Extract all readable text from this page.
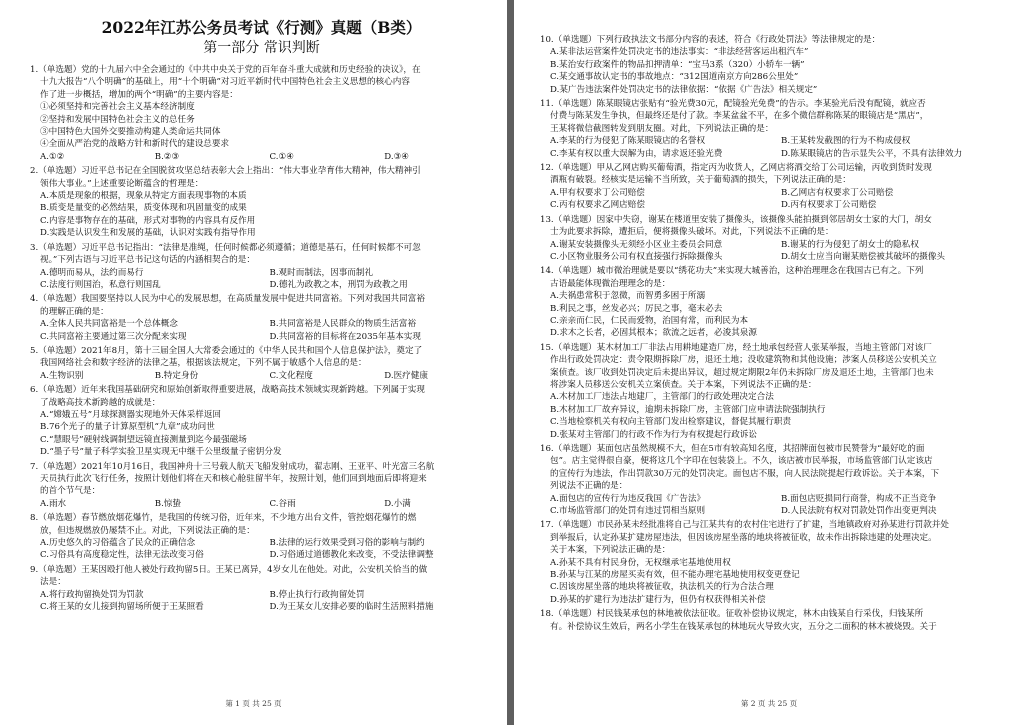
2022年江苏公务员考试《行测》真题（B类）
第一部分 常识判断
1.（单选题）党的十九届六中全会通过的《中共中央关于党的百年奋斗重大成就和历史经验的决议》，在
十九大报告“八个明确”的基础上，用“十个明确”对习近平新时代中国特色社会主义思想的核心内容
作了进一步概括，增加的两个“明确”的主要内容是：
①必须坚持和完善社会主义基本经济制度
②坚持和发展中国特色社会主义的总任务
③中国特色大国外交要推动构建人类命运共同体
④全面从严治党的战略方针和新时代的建设总要求
A.①②	B.②③	C.①④	D.③④
2.（单选题）习近平总书记在全国脱贫攻坚总结表彰大会上指出：“伟大事业孕育伟大精神，伟大精神引
领伟大事业。”上述重要论断蕴含的哲理是：
A.本质是现象的根据，现象从特定方面表现事物的本质
B.质变是量变的必然结果，质变体现和巩固量变的成果
C.内容是事物存在的基础，形式对事物的内容具有反作用
D.实践是认识发生和发展的基础，认识对实践有指导作用
3.（单选题）习近平总书记指出：“法律是准绳，任何时候都必须遵循；道德是基石，任何时候都不可忽
视。”下列古语与习近平总书记这句话的内涵相契合的是：
A.德明而易从，法约而易行	B.观时而制法，因事而制礼
C.法度行则国治，私意行则国乱	D.德礼为政教之本，刑罚为政教之用
4.（单选题）我国要坚持以人民为中心的发展思想，在高质量发展中促进共同富裕。下列对我国共同富裕
的理解正确的是：
A.全体人民共同富裕是一个总体概念	B.共同富裕是人民群众的物质生活富裕
C.共同富裕主要通过第三次分配来实现	D.共同富裕的目标将在2035年基本实现
5.（单选题）2021年8月，第十三届全国人大常委会通过的《中华人民共和国个人信息保护法》，奠定了
我国网络社会和数字经济的法律之基，根据该法规定，下列不属于敏感个人信息的是：
A.生物识别	B.特定身份	C.文化程度	D.医疗健康
6.（单选题）近年来我国基础研究和原始创新取得重要进展，战略高技术领域实现新跨越。下列属于实现
了战略高技术新跨越的成就是：
A.“嫦娥五号”月球探测器实现地外天体采样返回
B.76个光子的量子计算原型机“九章”成功问世
C.“慧眼号”硬射线调制望远镜直接测量到迄今最强磁场
D.“墨子号”量子科学实验卫星实现无中继千公里级量子密钥分发
7.（单选题）2021年10月16日，我国神舟十三号载人航天飞船发射成功，翟志刚、王亚平、叶光富三名航
天员执行此次飞行任务，按照计划他们将在天和核心舱驻留半年，按照计划，他们回到地面后即将迎来
的首个节气是：
A.雨水	B.惊蛰	C.谷雨	D.小满
8.（单选题）春节燃放烟花爆竹，是我国的传统习俗，近年来，不少地方出台文件，管控烟花爆竹的燃
放，但违规燃放仍屡禁不止。对此，下列说法正确的是：
A.历史悠久的习俗蕴含了民众的正确信念	B.法律的运行效果受到习俗的影响与制约
C.习俗具有高度稳定性，法律无法改变习俗	D.习俗通过道德教化来改变，不受法律调整
9.（单选题）王某因殴打他人被处行政拘留5日。王某已离异，4岁女儿在他处。对此，公安机关恰当的做
法是：
A.将行政拘留换处罚为罚款	B.停止执行行政拘留处罚
C.将王某的女儿接到拘留场所便于王某照看	D.为王某女儿安排必要的临时生活照料措施
第 1 页 共 25 页
10.（单选题）下列行政执法文书部分内容的表述，符合《行政处罚法》等法律规定的是：
A.某非法运营案件处罚决定书的违法事实：“非法经营客运出租汽车”
B.某治安行政案件的物品扣押清单：“宝马3系（320）小轿车一辆”
C.某交通事故认定书的事故地点：“312国道南京方向286公里处”
D.某广告违法案件处罚决定书的法律依据：“依据《广告法》相关规定”
11.（单选题）陈某眼镜店张贴有“验光费30元，配镜验光免费”的告示。李某验光后没有配镜，就应否
付费与陈某发生争执，但最终还是付了款。李某盆盆不平，在多个微信群称陈某的眼镜店是“黑店”，
王某将微信截图转发到朋友圈。对此，下列说法正确的是：
A.李某的行为侵犯了陈某眼镜店的名誉权	B.王某转发截图的行为不构成侵权
C.李某有权以重大误解为由，请求返还验光费	D.陈某眼镜店的告示显失公平，不具有法律效力
12.（单选题）甲从乙网店购买葡萄酒，指定丙为收货人，乙网店将酒交给丁公司运输，丙收到货时发现
酒瓶有破裂。经核实是运输不当所致，关于葡萄酒的损失，下列说法正确的是：
A.甲有权要求丁公司赔偿	B.乙网店有权要求丁公司赔偿
C.丙有权要求乙网店赔偿	D.丙有权要求丁公司赔偿
13.（单选题）因家中失窃，谢某在楼道里安装了摄像头，该摄像头能拍摄到邻居胡女士家的大门，胡女
士为此要求拆除，遭拒后，便将摄像头破坏。对此，下列说法不正确的是：
A.谢某安装摄像头无须经小区业主委员会同意	B.谢某的行为侵犯了胡女士的隐私权
C.小区物业服务公司有权直接强行拆除摄像头	D.胡女士应当向谢某赔偿被其破坏的摄像头
14.（单选题）城市微治理就是要以“绣花功夫”来实现大城善治，这种治理理念在我国古已有之。下列
古语最能体现微治理理念的是：
A.夫祸患常积于忽微，而智勇多困于所溺
B.利民之事，丝发必兴；厉民之事，毫末必去
C.亲亲而仁民，仁民而爱物，治国有常，而利民为本
D.求木之长者，必固其根本；欲流之远者，必浚其泉源
15.（单选题）某木材加工厂非法占用耕地建造厂房，经土地承包经营人张某举报，当地主管部门对该厂
作出行政处罚决定：责令限期拆除厂房，退还土地；没收建筑物和其他设施；涉案人员移送公安机关立
案侦查。该厂收到处罚决定后未提出异议，超过规定期限2年仍未拆除厂房及退还土地，主管部门也未
将涉案人员移送公安机关立案侦查。关于本案，下列说法不正确的是：
A.木材加工厂违法占地建厂，主管部门的行政处理决定合法
B.木材加工厂故弃异议，逾期未拆除厂房，主管部门应申请法院强制执行
C.当地检察机关有权向主管部门发出检察建议，督促其履行职责
D.张某对主管部门的行政不作为行为有权提起行政诉讼
16.（单选题）某面包店虽然规模不大，但在5市有较高知名度，其招牌面包被市民赞誉为“最好吃的面
包”。店主觉得很自豪，便将这几个字印在包装袋上。不久，该店被市民举报，市场监管部门认定该店
的宣传行为违法，作出罚款30万元的处罚决定。面包店不服，向人民法院提起行政诉讼。关于本案，下
列说法不正确的是：
A.面包店的宣传行为违反我国《广告法》	B.面包店贬损同行商誉，构成不正当竞争
C.市场监管部门的处罚有违过罚相当原则	D.人民法院有权对罚款处罚作出变更判决
17.（单选题）市民孙某未经批准将自己与江某共有的农村住宅进行了扩建，当地镇政府对孙某进行罚款并处
到举报后，认定孙某扩建房屋违法，但因该房屋坐落的地块将被征收，故未作出拆除违建的处理决定。
关于本案，下列说法正确的是：
A.孙某不具有村民身份，无权继承宅基地使用权
B.孙某与江某的房屋买卖有效，但不能办理宅基地使用权变更登记
C.因该房屋坐落的地块将被征收，执法机关的行为合法合理
D.孙某的扩建行为违法扩建行为，但仍有权获得相关补偿
18.（单选题）村民钱某承包的林地被依法征收。征收补偿协议规定，林木由钱某自行采伐，归钱某所
有。补偿协议生效后，两名小学生在钱某承包的林地玩火导致火灾，五分之二面积的林木被烧毁。关于
第 2 页 共 25 页
